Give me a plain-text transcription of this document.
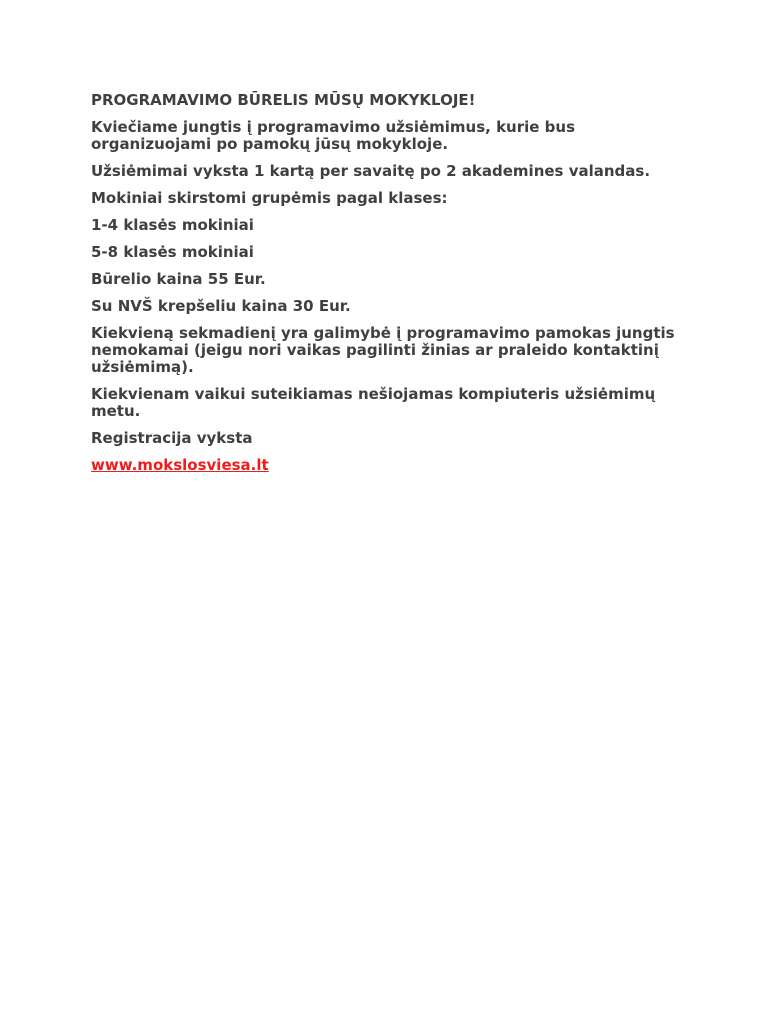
PROGRAMAVIMO BŪRELIS MŪSŲ MOKYKLOJE!

Kviečiame jungtis į programavimo užsiėmimus, kurie bus organizuojami po pamokų jūsų mokykloje.

Užsiėmimai vyksta 1 kartą per savaitę po 2 akademines valandas.

Mokiniai skirstomi grupėmis pagal klases:

1-4 klasės mokiniai

5-8 klasės mokiniai

Būrelio kaina 55 Eur.

Su NVŠ krepšeliu kaina 30 Eur.

Kiekvieną sekmadienį yra galimybė į programavimo pamokas jungtis nemokamai (jeigu nori vaikas pagilinti žinias ar praleido kontaktinį užsiėmimą).

Kiekvienam vaikui suteikiamas nešiojamas kompiuteris užsiėmimų metu.

Registracija vyksta

www.mokslosviesa.lt
